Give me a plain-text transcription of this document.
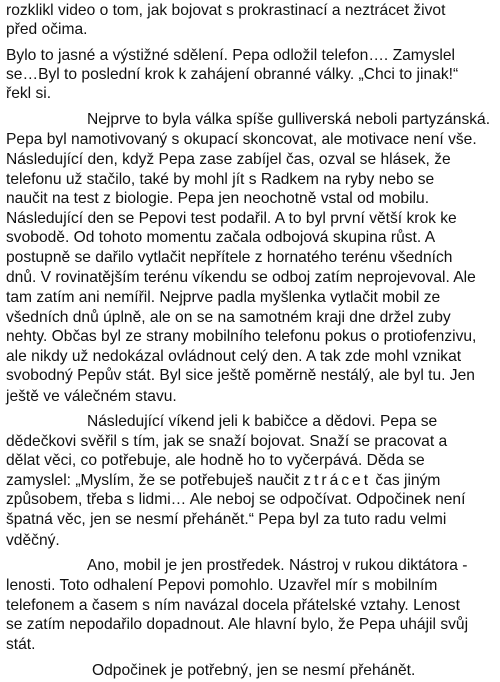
rozklikl video o tom, jak bojovat s prokrastinací a neztrácet život
před očima.
Bylo to jasné a výstižné sdělení. Pepa odložil telefon…. Zamyslel
se…Byl to poslední krok k zahájení obranné války. „Chci to jinak!“
řekl si.
Nejprve to byla válka spíše gulliverská neboli partyzánská.
Pepa byl namotivovaný s okupací skoncovat, ale motivace není vše.
Následující den, když Pepa zase zabíjel čas, ozval se hlásek, že
telefonu už stačilo, také by mohl jít s Radkem na ryby nebo se
naučit na test z biologie. Pepa jen neochotně vstal od mobilu.
Následující den se Pepovi test podařil. A to byl první větší krok ke
svobodě. Od tohoto momentu začala odbojová skupina růst. A
postupně se dařilo vytlačit nepřítele z hornatého terénu všedních
dnů. V rovinatějším terénu víkendu se odboj zatím neprojevoval. Ale
tam zatím ani nemířil. Nejprve padla myšlenka vytlačit mobil ze
všedních dnů úplně, ale on se na samotném kraji dne držel zuby
nehty. Občas byl ze strany mobilního telefonu pokus o protiofenzivu,
ale nikdy už nedokázal ovládnout celý den. A tak zde mohl vznikat
svobodný Pepův stát. Byl sice ještě poměrně nestálý, ale byl tu. Jen
ještě ve válečném stavu.
Následující víkend jeli k babičce a dědovi. Pepa se
dědečkovi svěřil s tím, jak se snaží bojovat. Snaží se pracovat a
dělat věci, co potřebuje, ale hodně ho to vyčerpává. Děda se
zamyslel: „Myslím, že se potřebuješ naučit ztrácet čas jiným
způsobem, třeba s lidmi… Ale neboj se odpočívat. Odpočinek není
špatná věc, jen se nesmí přehánět.“ Pepa byl za tuto radu velmi
vděčný.
Ano, mobil je jen prostředek. Nástroj v rukou diktátora -
lenosti. Toto odhalení Pepovi pomohlo. Uzavřel mír s mobilním
telefonem a časem s ním navázal docela přátelské vztahy. Lenost
se zatím nepodařilo dopadnout. Ale hlavní bylo, že Pepa uhájil svůj
stát.
Odpočinek je potřebný, jen se nesmí přehánět.
